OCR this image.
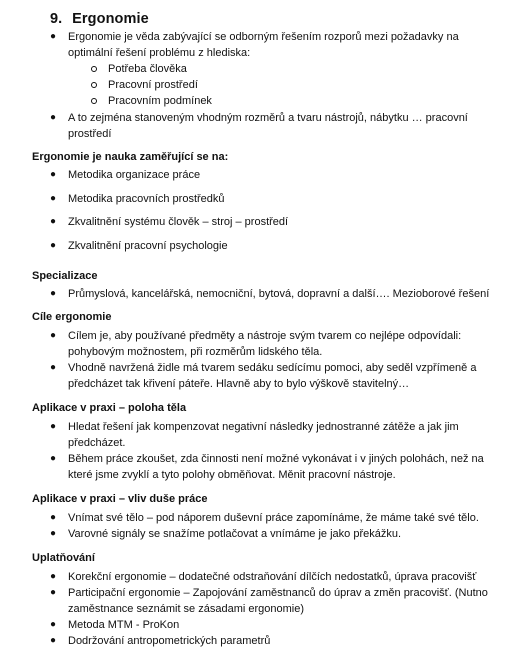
9. Ergonomie
● Ergonomie je věda zabývající se odborným řešením rozporů mezi požadavky na
optimální řešení problému z hlediska:
Potřeba člověka
Pracovní prostředí
Pracovním podmínek
● A to zejména stanoveným vhodným rozměrů a tvaru nástrojů, nábytku … pracovní
prostředí
Ergonomie je nauka zaměřující se na:
● Metodika organizace práce
● Metodika pracovních prostředků
● Zkvalitnění systému člověk – stroj – prostředí
● Zkvalitnění pracovní psychologie
Specializace
● Průmyslová, kancelářská, nemocniční, bytová, dopravní a další…. Mezioborové řešení
Cíle ergonomie
● Cílem je, aby používané předměty a nástroje svým tvarem co nejlépe odpovídali:
pohybovým možnostem, při rozměrům lidského těla.
● Vhodně navržená židle má tvarem sedáku sedícímu pomoci, aby seděl vzpřímeně a
předcházet tak křivení páteře. Hlavně aby to bylo výškově stavitelný…
Aplikace v praxi – poloha těla
● Hledat řešení jak kompenzovat negativní následky jednostranné zátěže a jak jim
předcházet.
● Během práce zkoušet, zda činnosti není možné vykonávat i v jiných polohách, než na
které jsme zvyklí a tyto polohy obměňovat. Měnit pracovní nástroje.
Aplikace v praxi – vliv duše práce
● Vnímat své tělo – pod náporem duševní práce zapomínáme, že máme také své tělo.
● Varovné signály se snažíme potlačovat a vnímáme je jako překážku.
Uplatňování
● Korekční ergonomie – dodatečné odstraňování dílčích nedostatků, úprava pracovišť
● Participační ergonomie – Zapojování zaměstnanců do úprav a změn pracovišť. (Nutno
zaměstnance seznámit se zásadami ergonomie)
● Metoda MTM - ProKon
● Dodržování antropometrických parametrů
